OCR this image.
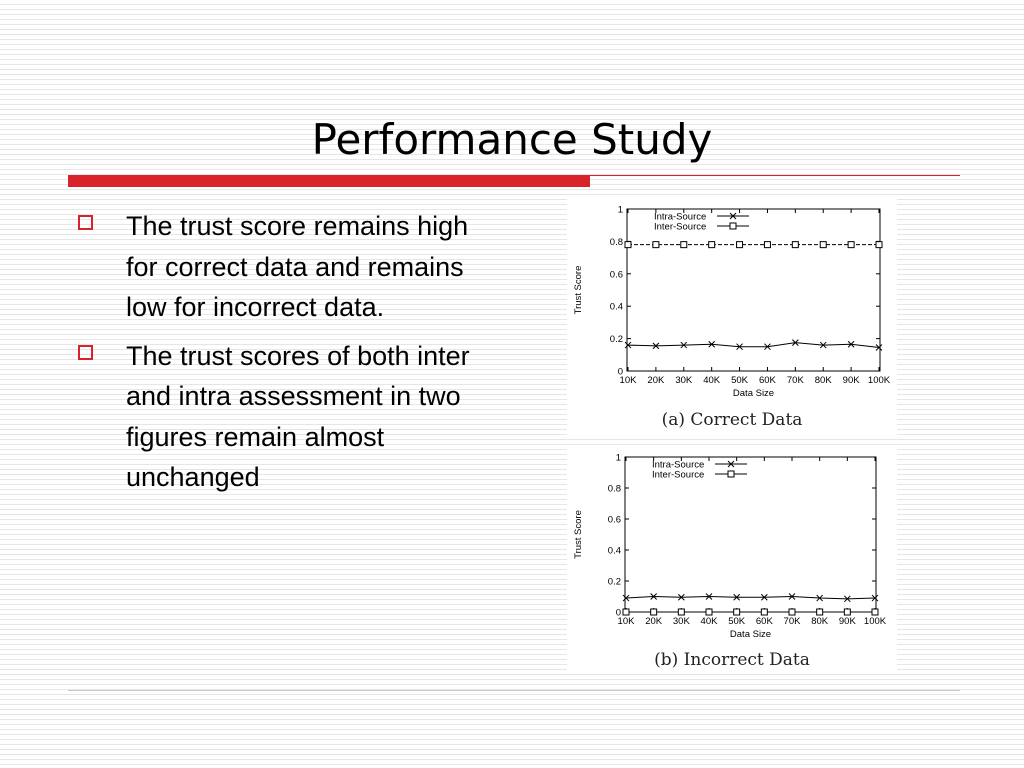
Performance Study
The trust score remains high for correct data and remains low for incorrect data.
The trust scores of both inter and intra assessment in two figures remain almost unchanged
0
0.2
0.4
0.6
0.8
1
10K 20K 30K 40K 50K 60K 70K 80K 90K 100K
Data Size
Trust Score
Intra-Source
Inter-Source
(a) Correct Data
0
0.2
0.4
0.6
0.8
1
10K 20K 30K 40K 50K 60K 70K 80K 90K 100K
Data Size
Trust Score
Intra-Source
Inter-Source
(b) Incorrect Data
